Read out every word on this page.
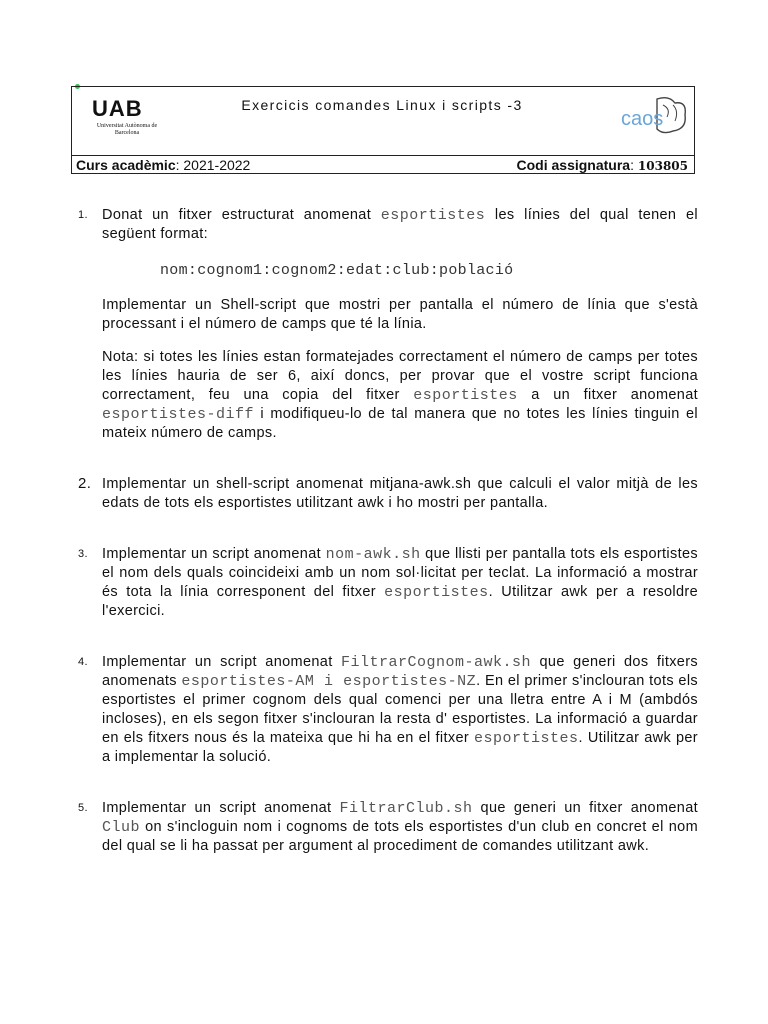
UAB
Universitat Autònoma de Barcelona
Exercicis comandes Linux i scripts -3
caos
Curs acadèmic: 2021-2022	Codi assignatura: 103805
1. Donat un fitxer estructurat anomenat esportistes les línies del qual tenen el següent format:

nom:cognom1:cognom2:edat:club:població

Implementar un Shell-script que mostri per pantalla el número de línia que s'està processant i el número de camps que té la línia.

Nota: si totes les línies estan formatejades correctament el número de camps per totes les línies hauria de ser 6, així doncs, per provar que el vostre script funciona correctament, feu una copia del fitxer esportistes a un fitxer anomenat esportistes-diff i modifiqueu-lo de tal manera que no totes les línies tinguin el mateix número de camps.

2. Implementar un shell-script anomenat mitjana-awk.sh que calculi el valor mitjà de les edats de tots els esportistes utilitzant awk i ho mostri per pantalla.

3. Implementar un script anomenat nom-awk.sh que llisti per pantalla tots els esportistes el nom dels quals coincideixi amb un nom sol·licitat per teclat. La informació a mostrar és tota la línia corresponent del fitxer esportistes. Utilitzar awk per a resoldre l'exercici.

4. Implementar un script anomenat FiltrarCognom-awk.sh que generi dos fitxers anomenats esportistes-AM i esportistes-NZ. En el primer s'inclouran tots els esportistes el primer cognom dels qual comenci per una lletra entre A i M (ambdós incloses), en els segon fitxer s'inclouran la resta d' esportistes. La informació a guardar en els fitxers nous és la mateixa que hi ha en el fitxer esportistes. Utilitzar awk per a implementar la solució.

5. Implementar un script anomenat FiltrarClub.sh que generi un fitxer anomenat Club on s'incloguin nom i cognoms de tots els esportistes d'un club en concret el nom del qual se li ha passat per argument al procediment de comandes utilitzant awk.
